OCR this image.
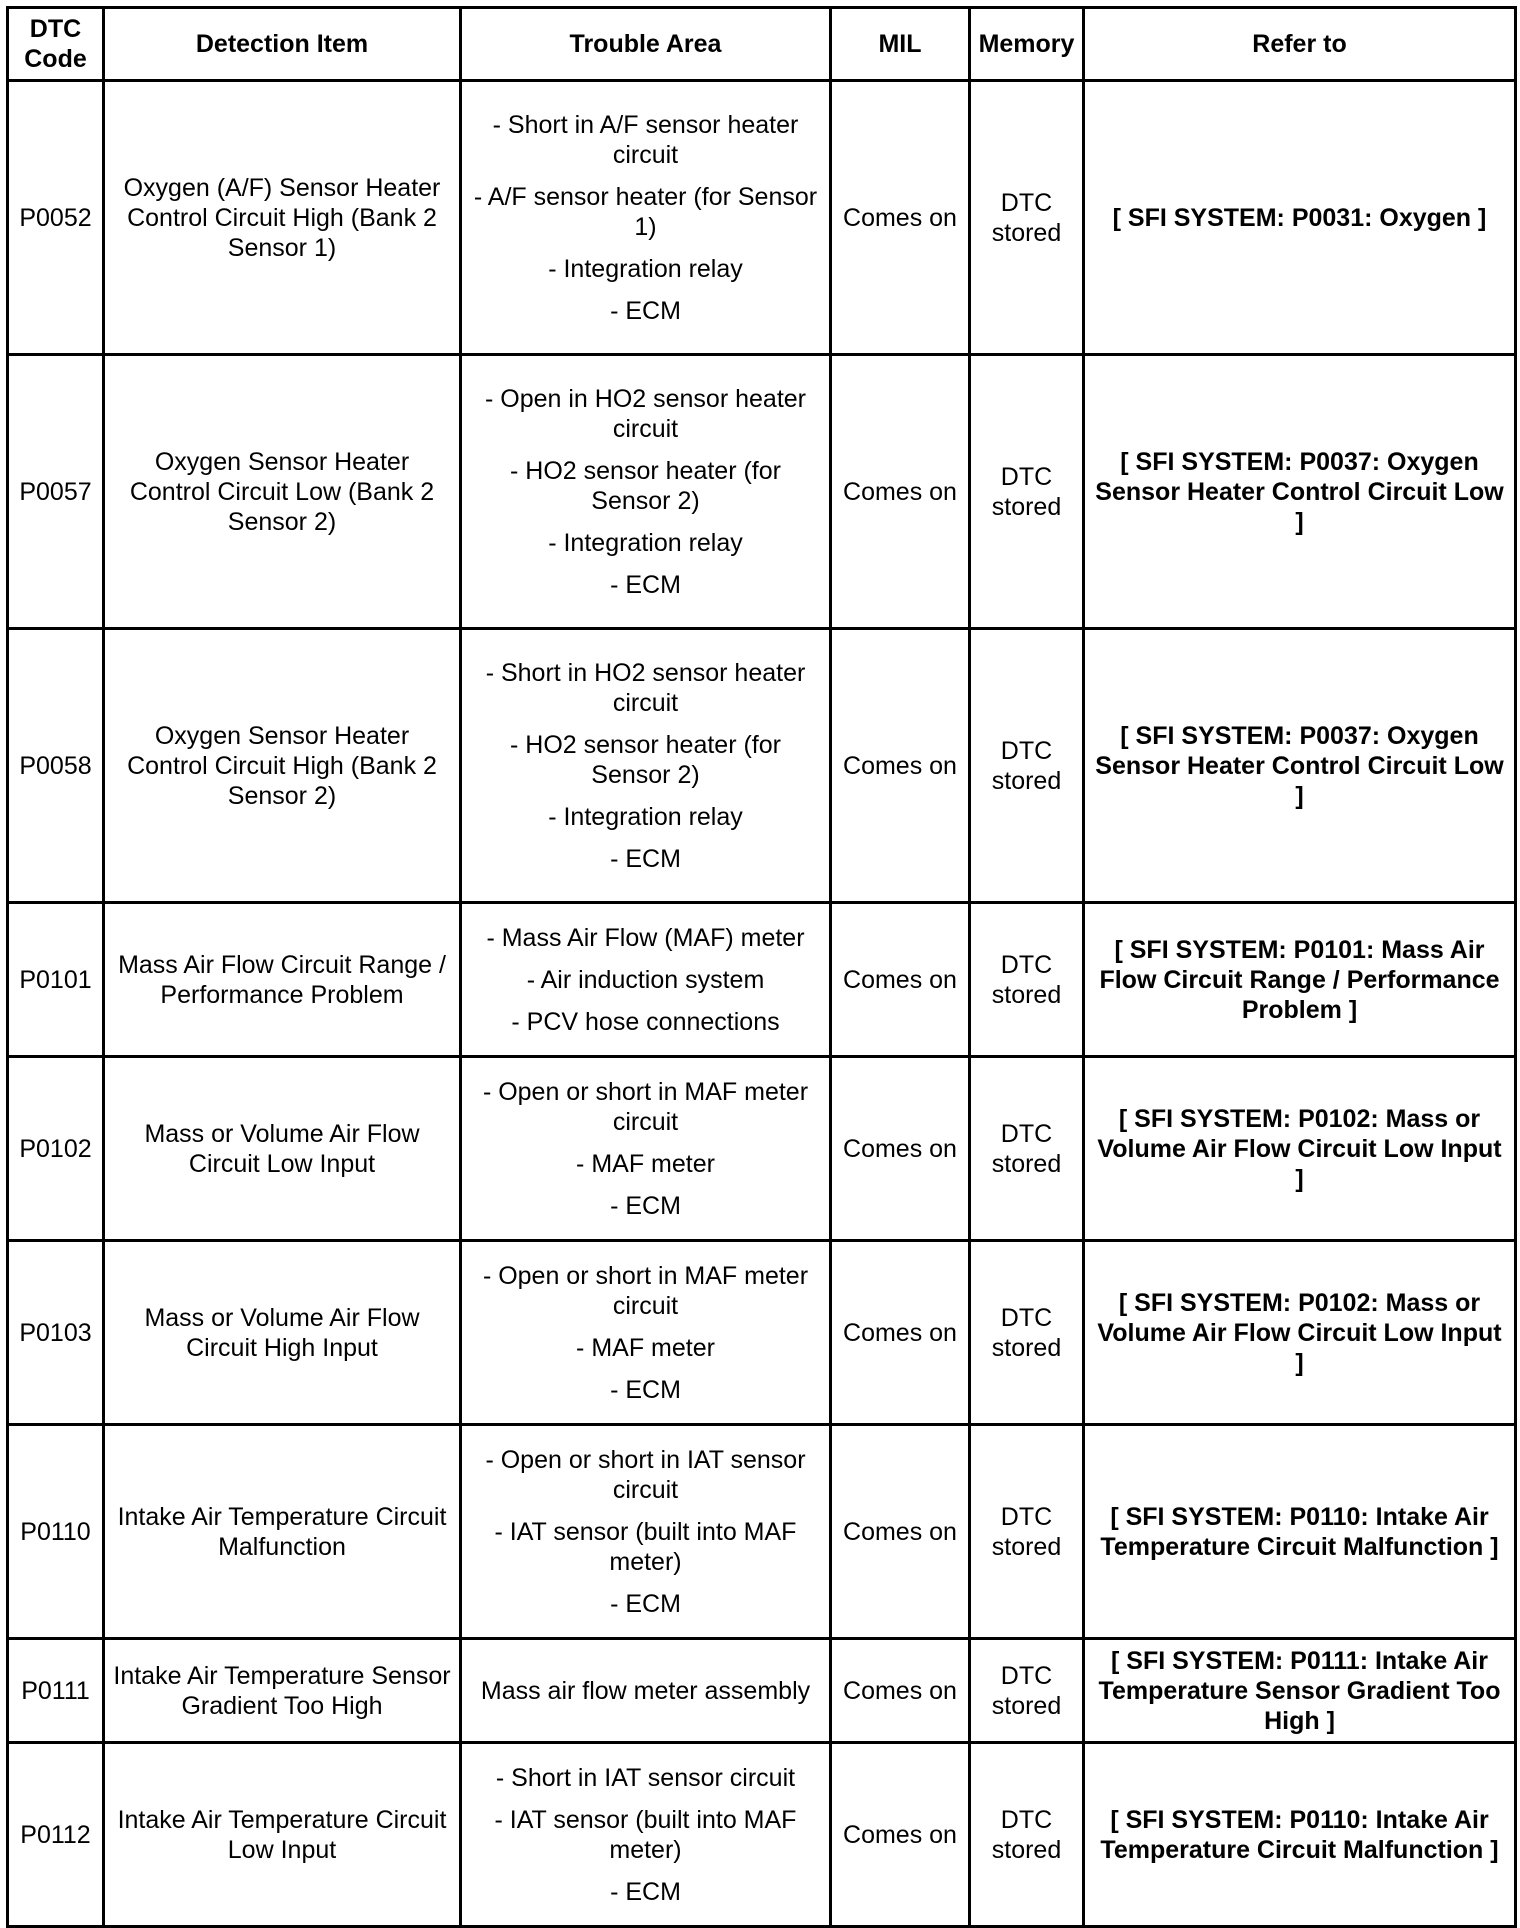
DTC Code	Detection Item	Trouble Area	MIL	Memory	Refer to
P0052	Oxygen (A/F) Sensor Heater Control Circuit High (Bank 2 Sensor 1)	- Short in A/F sensor heater circuit
- A/F sensor heater (for Sensor 1)
- Integration relay
- ECM	Comes on	DTC stored	[ SFI SYSTEM: P0031: Oxygen ]
P0057	Oxygen Sensor Heater Control Circuit Low (Bank 2 Sensor 2)	- Open in HO2 sensor heater circuit
- HO2 sensor heater (for Sensor 2)
- Integration relay
- ECM	Comes on	DTC stored	[ SFI SYSTEM: P0037: Oxygen Sensor Heater Control Circuit Low ]
P0058	Oxygen Sensor Heater Control Circuit High (Bank 2 Sensor 2)	- Short in HO2 sensor heater circuit
- HO2 sensor heater (for Sensor 2)
- Integration relay
- ECM	Comes on	DTC stored	[ SFI SYSTEM: P0037: Oxygen Sensor Heater Control Circuit Low ]
P0101	Mass Air Flow Circuit Range / Performance Problem	- Mass Air Flow (MAF) meter
- Air induction system
- PCV hose connections	Comes on	DTC stored	[ SFI SYSTEM: P0101: Mass Air Flow Circuit Range / Performance Problem ]
P0102	Mass or Volume Air Flow Circuit Low Input	- Open or short in MAF meter circuit
- MAF meter
- ECM	Comes on	DTC stored	[ SFI SYSTEM: P0102: Mass or Volume Air Flow Circuit Low Input ]
P0103	Mass or Volume Air Flow Circuit High Input	- Open or short in MAF meter circuit
- MAF meter
- ECM	Comes on	DTC stored	[ SFI SYSTEM: P0102: Mass or Volume Air Flow Circuit Low Input ]
P0110	Intake Air Temperature Circuit Malfunction	- Open or short in IAT sensor circuit
- IAT sensor (built into MAF meter)
- ECM	Comes on	DTC stored	[ SFI SYSTEM: P0110: Intake Air Temperature Circuit Malfunction ]
P0111	Intake Air Temperature Sensor Gradient Too High	Mass air flow meter assembly	Comes on	DTC stored	[ SFI SYSTEM: P0111: Intake Air Temperature Sensor Gradient Too High ]
P0112	Intake Air Temperature Circuit Low Input	- Short in IAT sensor circuit
- IAT sensor (built into MAF meter)
- ECM	Comes on	DTC stored	[ SFI SYSTEM: P0110: Intake Air Temperature Circuit Malfunction ]
